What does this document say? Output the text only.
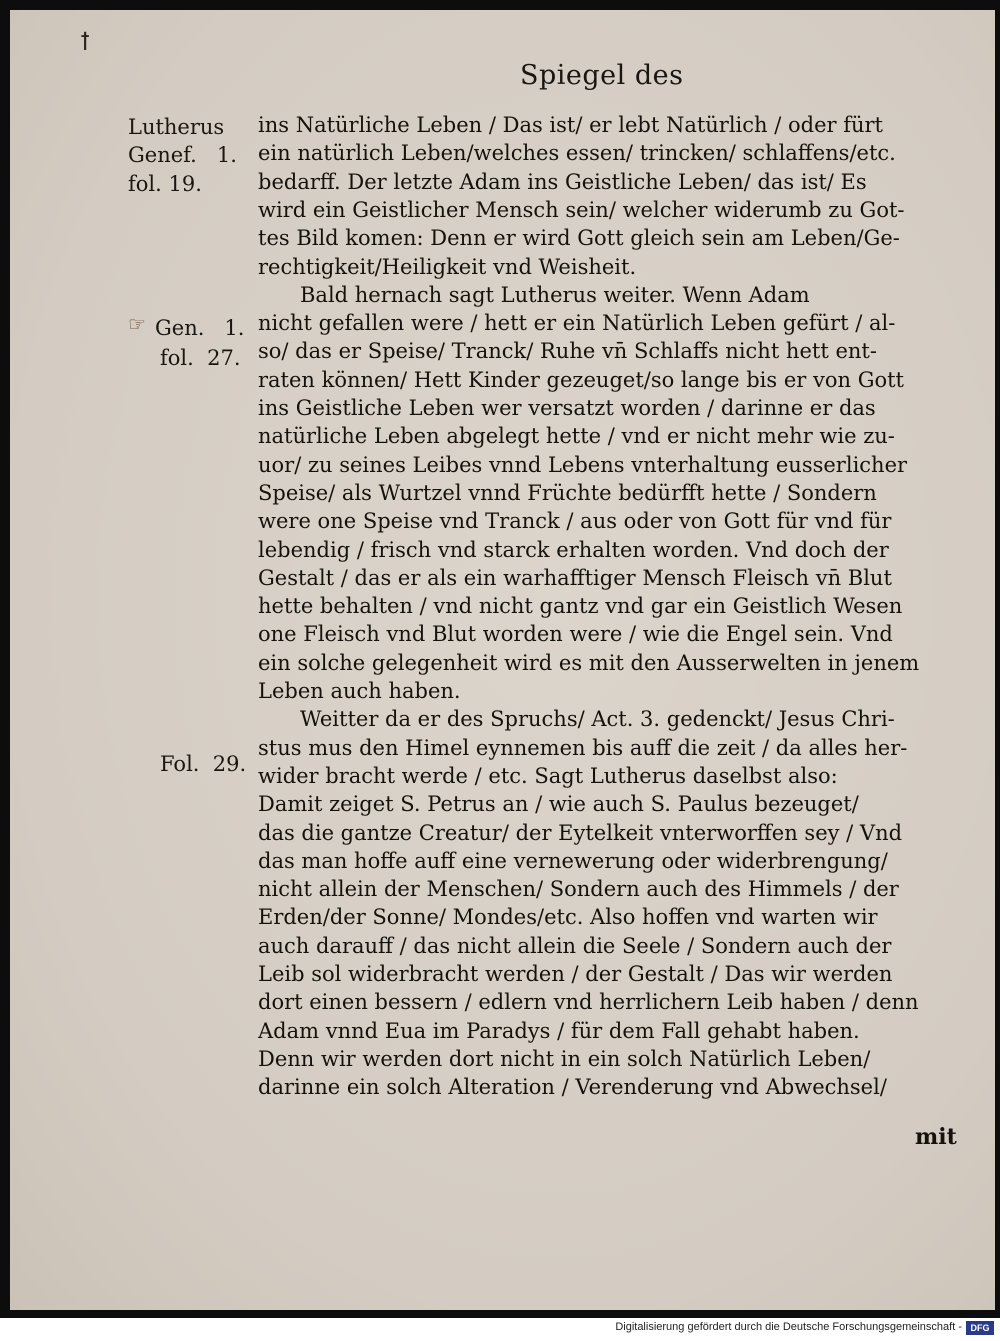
ꝉ
Spiegel des
Lutherus
Genef.   1.
fol. 19.
☞ Gen.   1.
fol.  27.
Fol.  29.
ins Natürliche Leben / Das ist/ er lebt Natürlich / oder fürt
ein natürlich Leben/welches essen/ trincken/ schlaffens/etc.
bedarff. Der letzte Adam ins Geistliche Leben/ das ist/ Es
wird ein Geistlicher Mensch sein/ welcher widerumb zu Got-
tes Bild komen: Denn er wird Gott gleich sein am Leben/Ge-
rechtigkeit/Heiligkeit vnd Weisheit.
Bald hernach sagt Lutherus weiter. Wenn Adam
nicht gefallen were / hett er ein Natürlich Leben gefürt / al-
so/ das er Speise/ Tranck/ Ruhe vn̄ Schlaffs nicht hett ent-
raten können/ Hett Kinder gezeuget/so lange bis er von Gott
ins Geistliche Leben wer versatzt worden / darinne er das
natürliche Leben abgelegt hette / vnd er nicht mehr wie zu-
uor/ zu seines Leibes vnnd Lebens vnterhaltung eusserlicher
Speise/ als Wurtzel vnnd Früchte bedürfft hette / Sondern
were one Speise vnd Tranck / aus oder von Gott für vnd für
lebendig / frisch vnd starck erhalten worden. Vnd doch der
Gestalt / das er als ein warhafftiger Mensch Fleisch vn̄ Blut
hette behalten / vnd nicht gantz vnd gar ein Geistlich Wesen
one Fleisch vnd Blut worden were / wie die Engel sein. Vnd
ein solche gelegenheit wird es mit den Ausserwelten in jenem
Leben auch haben.
Weitter da er des Spruchs/ Act. 3. gedenckt/ Jesus Chri-
stus mus den Himel eynnemen bis auff die zeit / da alles her-
wider bracht werde / etc. Sagt Lutherus daselbst also:
Damit zeiget S. Petrus an / wie auch S. Paulus bezeuget/
das die gantze Creatur/ der Eytelkeit vnterworffen sey / Vnd
das man hoffe auff eine vernewerung oder widerbrengung/
nicht allein der Menschen/ Sondern auch des Himmels / der
Erden/der Sonne/ Mondes/etc. Also hoffen vnd warten wir
auch darauff / das nicht allein die Seele / Sondern auch der
Leib sol widerbracht werden / der Gestalt / Das wir werden
dort einen bessern / edlern vnd herrlichern Leib haben / denn
Adam vnnd Eua im Paradys / für dem Fall gehabt haben.
Denn wir werden dort nicht in ein solch Natürlich Leben/
darinne ein solch Alteration / Verenderung vnd Abwechsel/
mit
Digitalisierung gefördert durch die Deutsche Forschungsgemeinschaft - DFG
